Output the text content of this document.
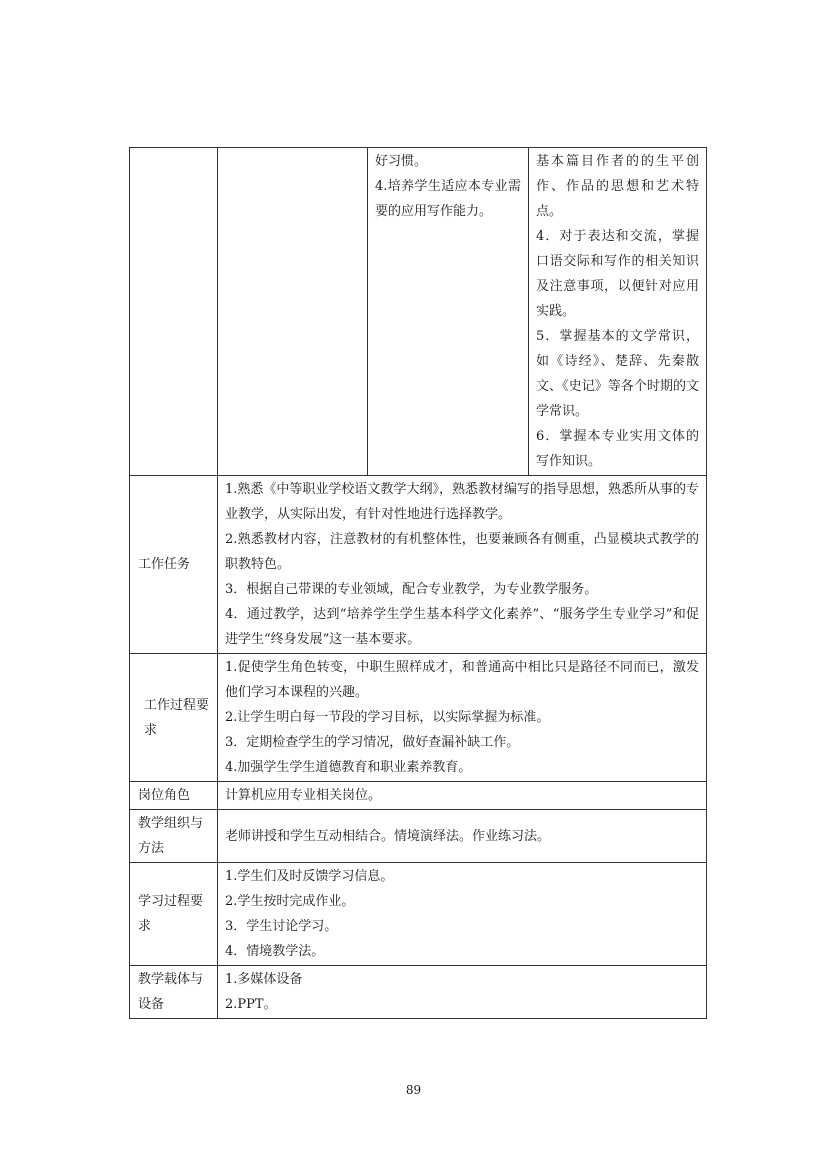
		好习惯。
4.培养学生适应本专业需要的应用写作能力。	基本篇目作者的的生平创作、作品的思想和艺术特点。
4．对于表达和交流，掌握口语交际和写作的相关知识及注意事项，以便针对应用实践。
5．掌握基本的文学常识，如《诗经》、楚辞、先秦散文、《史记》等各个时期的文学常识。
6．掌握本专业实用文体的写作知识。

工作任务	1.熟悉《中等职业学校语文教学大纲》，熟悉教材编写的指导思想，熟悉所从事的专业教学，从实际出发，有针对性地进行选择教学。
2.熟悉教材内容，注意教材的有机整体性，也要兼顾各有侧重，凸显模块式教学的职教特色。
3．根据自己带课的专业领域，配合专业教学，为专业教学服务。
4．通过教学，达到“培养学生学生基本科学文化素养”、“服务学生专业学习”和促进学生“终身发展”这一基本要求。		

工作过程要求	1.促使学生角色转变，中职生照样成才，和普通高中相比只是路径不同而已，激发他们学习本课程的兴趣。
2.让学生明白每一节段的学习目标，以实际掌握为标准。
3．定期检查学生的学习情况，做好查漏补缺工作。
4.加强学生学生道德教育和职业素养教育。		

岗位角色	计算机应用专业相关岗位。		

教学组织与方法	老师讲授和学生互动相结合。情境演绎法。作业练习法。		

学习过程要求	1.学生们及时反馈学习信息。
2.学生按时完成作业。
3．学生讨论学习。
4．情境教学法。		

教学载体与设备	1.多媒体设备
2.PPT。		
89
